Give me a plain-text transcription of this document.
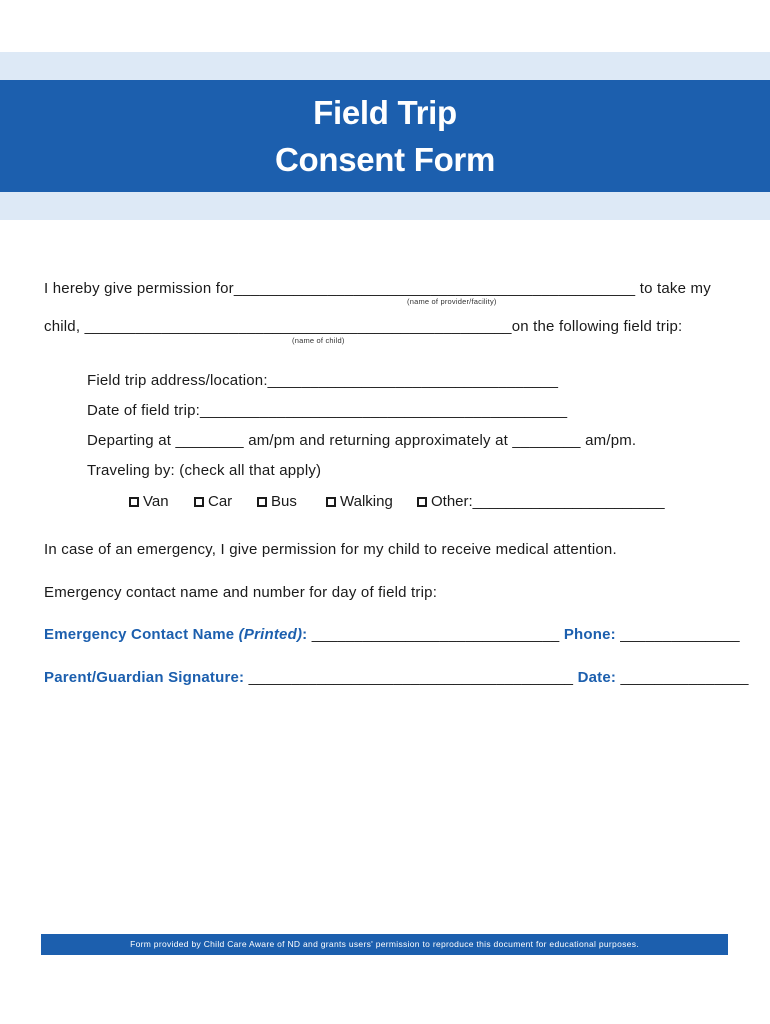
Field Trip
Consent Form
I hereby give permission for_______________________________________________ to take my
(name of provider/facility)
child, __________________________________________________on the following field trip:
(name of child)
Field trip address/location:__________________________________
Date of field trip:___________________________________________
Departing at ________ am/pm and returning approximately at ________ am/pm.
Traveling by: (check all that apply)
Van	Car	Bus	Walking	Other:_______________________
In case of an emergency, I give permission for my child to receive medical attention.
Emergency contact name and number for day of field trip:
Emergency Contact Name (Printed): _____________________________ Phone: ______________
Parent/Guardian Signature: ______________________________________ Date: _______________
Form provided by Child Care Aware of ND and grants users' permission to reproduce this document for educational purposes.
